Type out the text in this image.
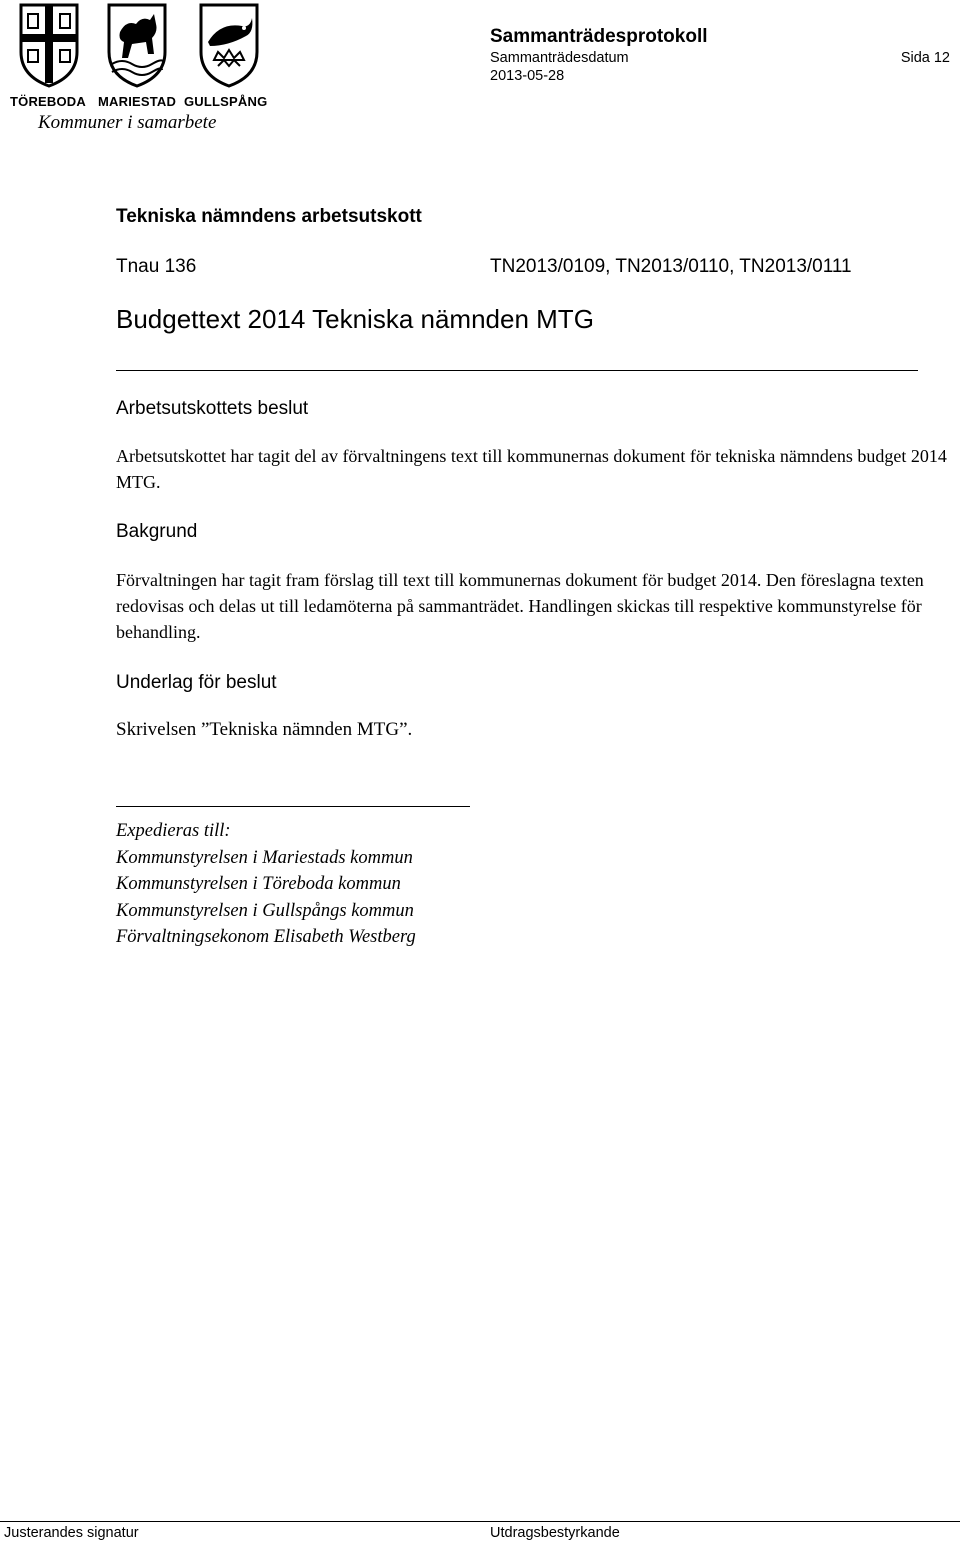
TÖREBODA MARIESTAD GULLSPÅNG
Kommuner i samarbete
Sammanträdesprotokoll
Sammanträdesdatum
2013-05-28
Sida 12
Tekniska nämndens arbetsutskott
Tnau 136	TN2013/0109, TN2013/0110, TN2013/0111
Budgettext 2014 Tekniska nämnden MTG
Arbetsutskottets beslut
Arbetsutskottet har tagit del av förvaltningens text till kommunernas dokument för tekniska nämndens budget 2014 MTG.
Bakgrund
Förvaltningen har tagit fram förslag till text till kommunernas dokument för budget 2014. Den föreslagna texten redovisas och delas ut till ledamöterna på sammanträdet. Handlingen skickas till respektive kommunstyrelse för behandling.
Underlag för beslut
Skrivelsen ”Tekniska nämnden MTG”.
Expedieras till:
Kommunstyrelsen i Mariestads kommun
Kommunstyrelsen i Töreboda kommun
Kommunstyrelsen i Gullspångs kommun
Förvaltningsekonom Elisabeth Westberg
Justerandes signatur	Utdragsbestyrkande
